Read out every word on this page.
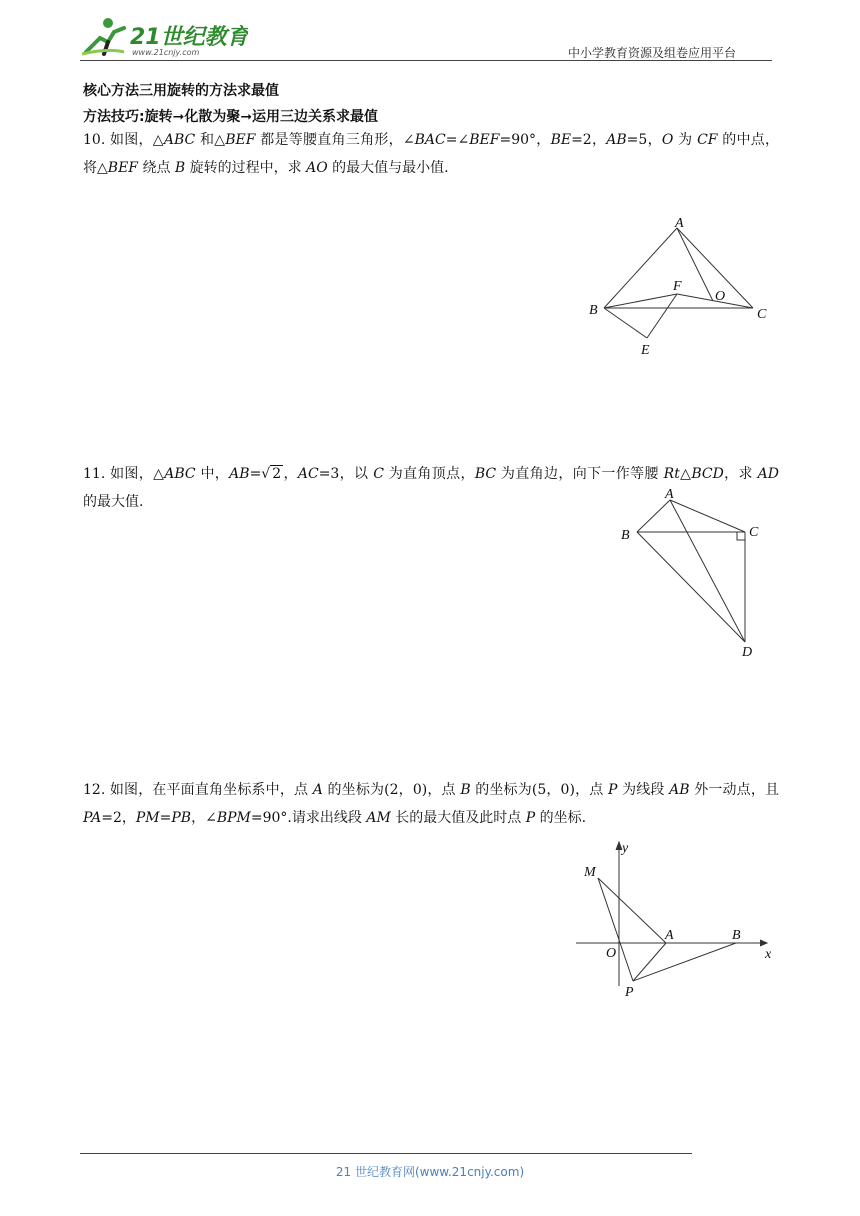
21世纪教育
www.21cnjy.com	中小学教育资源及组卷应用平台
核心方法三用旋转的方法求最值
方法技巧:旋转➞化散为聚➞运用三边关系求最值
10. 如图，△ABC 和△BEF 都是等腰直角三角形，∠BAC=∠BEF=90°，BE=2，AB=5，O 为 CF 的中点，将△BEF 绕点 B 旋转的过程中，求 AO 的最大值与最小值.
A
B	C
E
F
O
11. 如图，△ABC 中，AB=√ 2 ，AC=3，以 C 为直角顶点，BC 为直角边，向下一作等腰 Rt△BCD，求 AD 的最大值.	A
B	C
D
12. 如图，在平面直角坐标系中，点 A 的坐标为(2，0)，点 B 的坐标为(5，0)，点 P 为线段 AB 外一动点，且 PA=2，PM=PB，∠BPM=90°.请求出线段 AM 长的最大值及此时点 P 的坐标.
y
M
A	B
O	x
P
21 世纪教育网(www.21cnjy.com)
